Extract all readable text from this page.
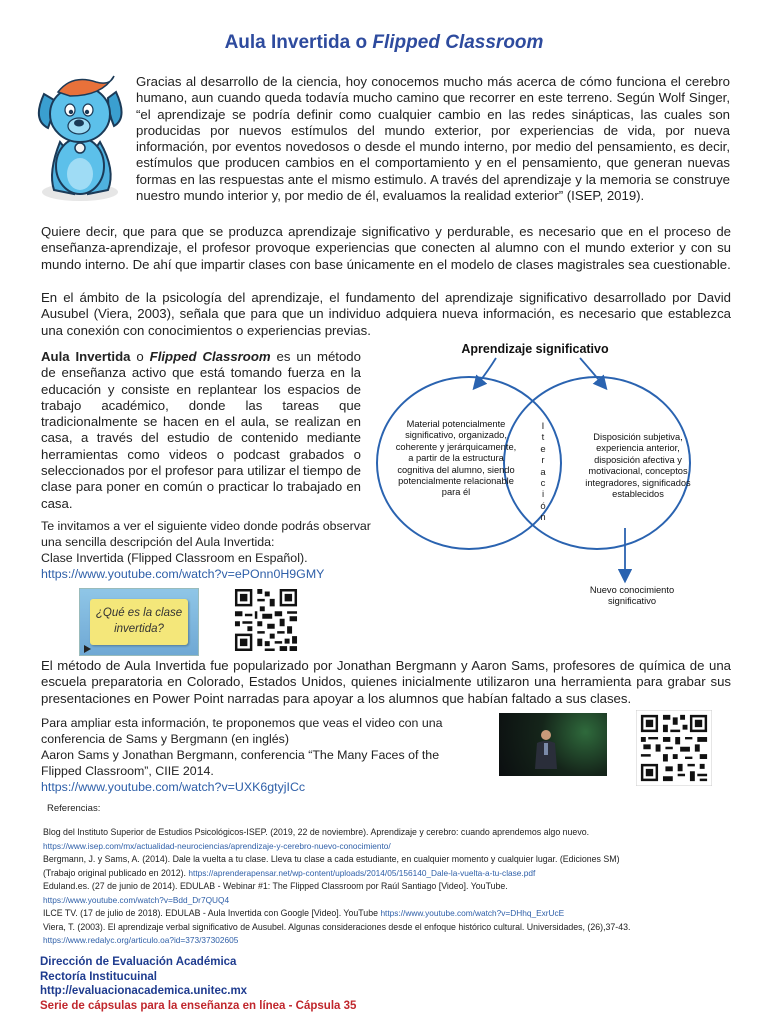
Aula Invertida o Flipped Classroom
Gracias al desarrollo de la ciencia, hoy conocemos mucho más acerca de cómo funciona el cerebro humano, aun cuando queda todavía mucho camino que recorrer en este terreno. Según Wolf Singer, “el aprendizaje se podría definir como cualquier cambio en las redes sinápticas, las cuales son producidas por nuevos estímulos del mundo exterior, por experiencias de vida, por nueva información, por eventos novedosos o desde el mundo interno, por medio del pensamiento, es decir, estímulos que producen cambios en el comportamiento y en el pensamiento, que generan nuevas formas en las respuestas ante el mismo estimulo. A través del aprendizaje y la memoria se construye nuestro mundo interior y, por medio de él, evaluamos la realidad exterior” (ISEP, 2019).
Quiere decir, que para que se produzca aprendizaje significativo y perdurable, es necesario que en el proceso de enseñanza-aprendizaje, el profesor provoque experiencias que conecten al alumno con el mundo exterior y con su mundo interno. De ahí que impartir clases con base únicamente en el modelo de clases magistrales sea cuestionable.
En el ámbito de la psicología del aprendizaje, el fundamento del aprendizaje significativo desarrollado por David Ausubel (Viera, 2003), señala que para que un individuo adquiera nueva información, es necesario que establezca una conexión con conocimientos o experiencias previas.
Aula Invertida o Flipped Classroom es un método de enseñanza activo que está tomando fuerza en la educación y consiste en replantear los espacios de trabajo académico, donde las tareas que tradicionalmente se hacen en el aula, se realizan en casa, a través del estudio de contenido mediante herramientas como videos o podcast grabados o seleccionados por el profesor para utilizar el tiempo de clase para poner en común o practicar lo trabajado en casa.
Te invitamos a ver el siguiente video donde podrás observar una sencilla descripción del Aula Invertida:
Clase Invertida (Flipped Classroom en Español).
https://www.youtube.com/watch?v=ePOnn0H9GMY
¿Qué es la clase invertida?
Aprendizaje significativo
Material potencialmente significativo, organizado, coherente y jerárquicamente, a partir de la estructura cognitiva del alumno, siendo potencialmente relacionable para él
Disposición subjetiva, experiencia anterior, disposición afectiva y motivacional, conceptos integradores, significados establecidos
I
t
e
r
a
c
i
ó
n
Nuevo conocimiento significativo
El método de Aula Invertida fue popularizado por Jonathan Bergmann y Aaron Sams, profesores de química de una escuela preparatoria en Colorado, Estados Unidos, quienes inicialmente utilizaron una herramienta para grabar sus presentaciones en Power Point narradas para apoyar a los alumnos que habían faltado a sus clases.
Para ampliar esta información, te proponemos que veas el video con una conferencia de Sams y Bergmann (en inglés)
Aaron Sams y Jonathan Bergmann, conferencia “The Many Faces of the Flipped Classroom”, CIIE 2014.
https://www.youtube.com/watch?v=UXK6gtyjICc
Referencias:
Blog del Instituto Superior de Estudios Psicológicos-ISEP. (2019, 22 de noviembre). Aprendizaje y cerebro: cuando aprendemos algo nuevo.
https://www.isep.com/mx/actualidad-neurociencias/aprendizaje-y-cerebro-nuevo-conocimiento/
Bergmann, J. y Sams, A. (2014). Dale la vuelta a tu clase. Lleva tu clase a cada estudiante, en cualquier momento y cualquier lugar. (Ediciones SM)
(Trabajo original publicado en 2012). https://aprenderapensar.net/wp-content/uploads/2014/05/156140_Dale-la-vuelta-a-tu-clase.pdf
Eduland.es. (27 de junio de 2014). EDULAB - Webinar #1: The Flipped Classroom por Raúl Santiago [Video]. YouTube.
https://www.youtube.com/watch?v=Bdd_Dr7QUQ4
ILCE TV. (17 de julio de 2018). EDULAB - Aula Invertida con Google [Video]. YouTube https://www.youtube.com/watch?v=DHhq_ExrUcE
Viera, T. (2003). El aprendizaje verbal significativo de Ausubel. Algunas consideraciones desde el enfoque histórico cultural. Universidades, (26),37-43.
https://www.redalyc.org/articulo.oa?id=373/37302605
Dirección de Evaluación Académica
Rectoría Institucuinal
http://evaluacionacademica.unitec.mx
Serie de cápsulas para la enseñanza en línea - Cápsula 35
